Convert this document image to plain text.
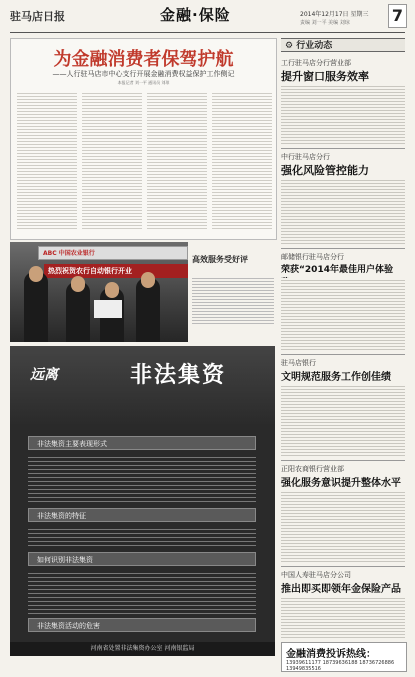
驻马店日报	金融·保险	2014年12月17日 星期三
责编 刘一平 美编 刘琼	7
为金融消费者保驾护航
——人行驻马店市中心支行开展金融消费权益保护工作侧记
本报记者 刘一平 通讯员 刘琼
ABC 中国农业银行
热烈祝贺农行自动银行开业
高效服务受好评
远离	非法集资
非法集资主要表现形式
非法集资的特征
如何识别非法集资
非法集资活动的危害
河南省处置非法集资办公室 河南银监局
⚙ 行业动态
工行驻马店分行营业部
提升窗口服务效率
中行驻马店分行
强化风险管控能力
邮储银行驻马店分行
荣获“2014年最佳用户体验
驻马店银行
文明规范服务工作创佳绩
正阳农商银行营业部
强化服务意识提升整体水平
中国人寿驻马店分公司
推出即买即领年金保险产品
金融消费投诉热线：
13939611177 18739636188 18736726886 13949835516
